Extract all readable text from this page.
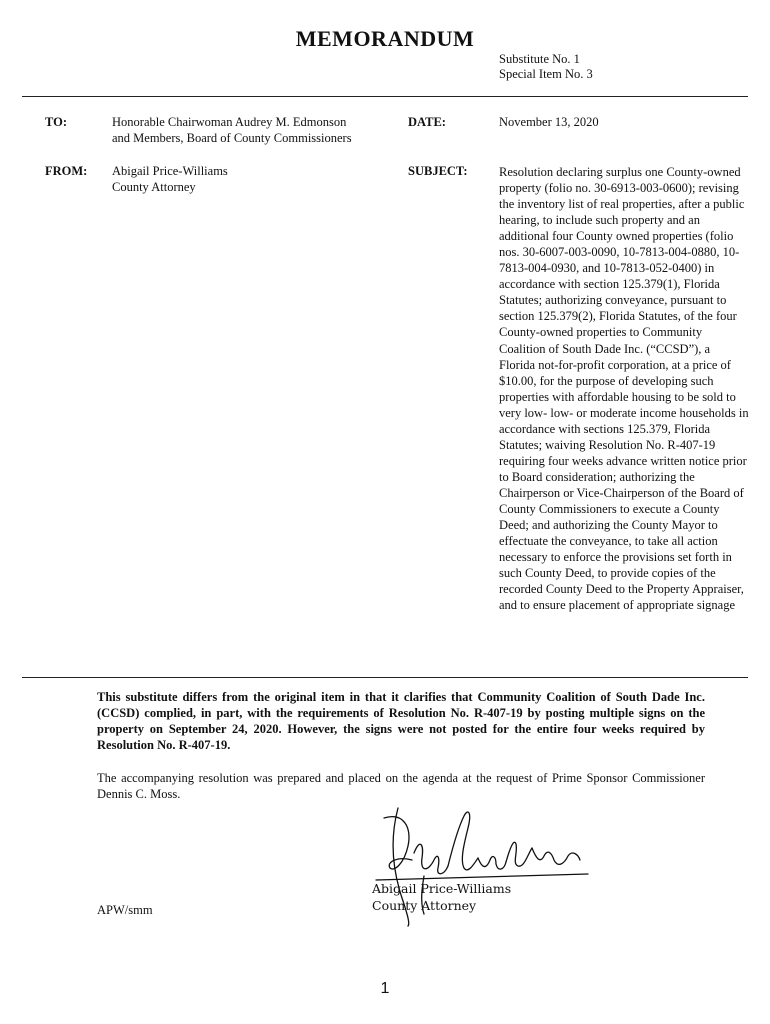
MEMORANDUM
Substitute No. 1
Special Item No. 3
TO:	Honorable Chairwoman Audrey M. Edmonson
and Members, Board of County Commissioners
DATE:	November 13, 2020
FROM: Abigail Price-Williams
County Attorney
SUBJECT:	Resolution declaring surplus one County-owned property (folio no. 30-6913-003-0600); revising the inventory list of real properties, after a public hearing, to include such property and an additional four County owned properties (folio nos. 30-6007-003-0090, 10-7813-004-0880, 10-7813-004-0930, and 10-7813-052-0400) in accordance with section 125.379(1), Florida Statutes; authorizing conveyance, pursuant to section 125.379(2), Florida Statutes, of the four County-owned properties to Community Coalition of South Dade Inc. (“CCSD”), a Florida not-for-profit corporation, at a price of $10.00, for the purpose of developing such properties with affordable housing to be sold to very low- low- or moderate income households in accordance with sections 125.379, Florida Statutes; waiving Resolution No. R-407-19 requiring four weeks advance written notice prior to Board consideration; authorizing the Chairperson or Vice-Chairperson of the Board of County Commissioners to execute a County Deed; and authorizing the County Mayor to effectuate the conveyance, to take all action necessary to enforce the provisions set forth in such County Deed, to provide copies of the recorded County Deed to the Property Appraiser, and to ensure placement of appropriate signage
This substitute differs from the original item in that it clarifies that Community Coalition of South Dade Inc. (CCSD) complied, in part, with the requirements of Resolution No. R-407-19 by posting multiple signs on the property on September 24, 2020. However, the signs were not posted for the entire four weeks required by Resolution No. R-407-19.
The accompanying resolution was prepared and placed on the agenda at the request of Prime Sponsor Commissioner Dennis C. Moss.
Abigail Price-Williams
County Attorney
APW/smm
1
